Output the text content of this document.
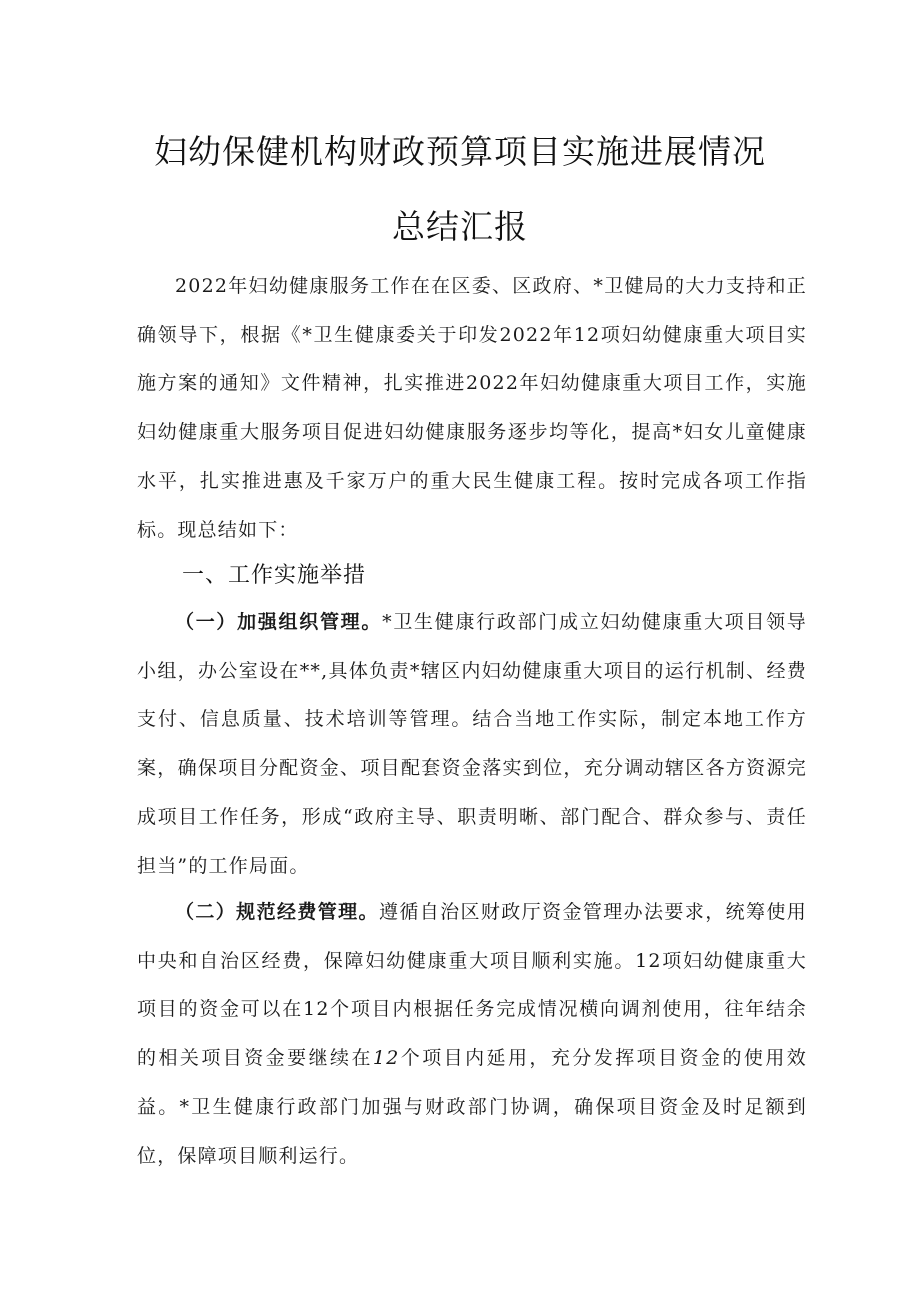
妇幼保健机构财政预算项目实施进展情况
总结汇报

2022年妇幼健康服务工作在在区委、区政府、*卫健局的大力支持和正确领导下，根据《*卫生健康委关于印发2022年12项妇幼健康重大项目实施方案的通知》文件精神，扎实推进2022年妇幼健康重大项目工作，实施妇幼健康重大服务项目促进妇幼健康服务逐步均等化，提高*妇女儿童健康水平，扎实推进惠及千家万户的重大民生健康工程。按时完成各项工作指标。现总结如下：

一、工作实施举措

（一）加强组织管理。*卫生健康行政部门成立妇幼健康重大项目领导小组，办公室设在**,具体负责*辖区内妇幼健康重大项目的运行机制、经费支付、信息质量、技术培训等管理。结合当地工作实际，制定本地工作方案，确保项目分配资金、项目配套资金落实到位，充分调动辖区各方资源完成项目工作任务，形成“政府主导、职责明晰、部门配合、群众参与、责任担当”的工作局面。

（二）规范经费管理。遵循自治区财政厅资金管理办法要求，统筹使用中央和自治区经费，保障妇幼健康重大项目顺利实施。12项妇幼健康重大项目的资金可以在12个项目内根据任务完成情况横向调剂使用，往年结余的相关项目资金要继续在12个项目内延用，充分发挥项目资金的使用效益。*卫生健康行政部门加强与财政部门协调，确保项目资金及时足额到位，保障项目顺利运行。
